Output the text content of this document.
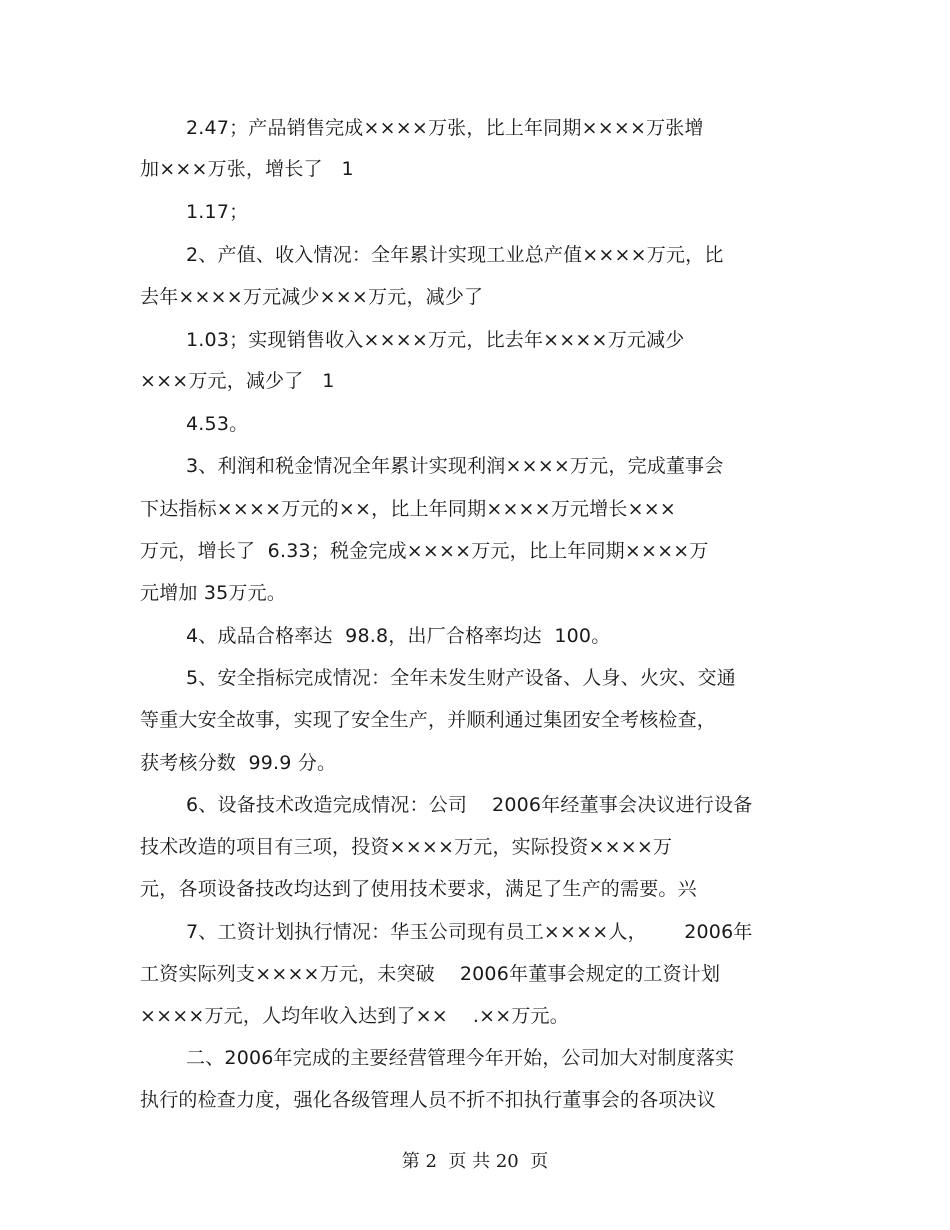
2.47；产品销售完成××××万张，比上年同期××××万张增
加×××万张，增长了   1
1.17；
2、产值、收入情况：全年累计实现工业总产值××××万元，比
去年××××万元减少×××万元，减少了
1.03；实现销售收入××××万元，比去年××××万元减少
×××万元，减少了   1
4.53。
3、利润和税金情况全年累计实现利润××××万元，完成董事会
下达指标××××万元的××，比上年同期××××万元增长×××
万元，增长了  6.33；税金完成××××万元，比上年同期××××万
元增加 35万元。
4、成品合格率达  98.8，出厂合格率均达  100。
5、安全指标完成情况：全年未发生财产设备、人身、火灾、交通
等重大安全故事，实现了安全生产，并顺利通过集团安全考核检查，
获考核分数  99.9 分。
6、设备技术改造完成情况：公司    2006年经董事会决议进行设备
技术改造的项目有三项，投资××××万元，实际投资××××万
元，各项设备技改均达到了使用技术要求，满足了生产的需要。兴
7、工资计划执行情况：华玉公司现有员工××××人，      2006年
工资实际列支××××万元，未突破    2006年董事会规定的工资计划
××××万元，人均年收入达到了××    .××万元。
二、2006年完成的主要经营管理今年开始，公司加大对制度落实
执行的检查力度，强化各级管理人员不折不扣执行董事会的各项决议
第 2  页 共 20  页
